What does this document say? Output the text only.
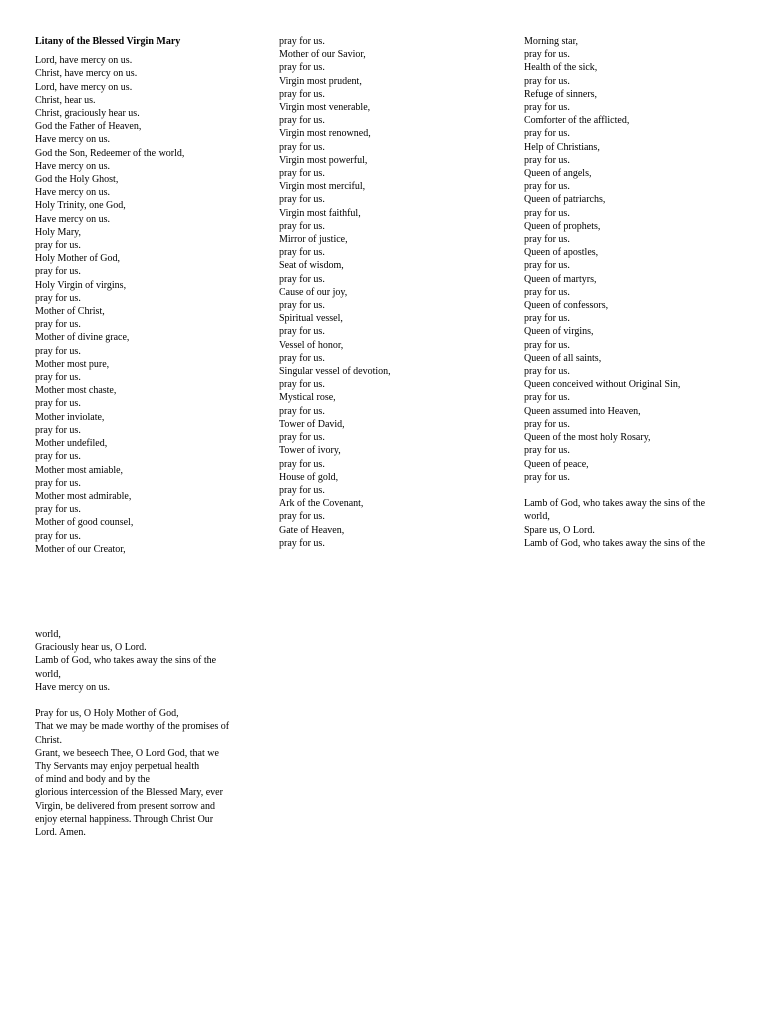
Litany of the Blessed Virgin Mary
Lord, have mercy on us.
Christ, have mercy on us.
Lord, have mercy on us.
Christ, hear us.
Christ, graciously hear us.
God the Father of Heaven,
Have mercy on us.
God the Son, Redeemer of the world,
Have mercy on us.
God the Holy Ghost,
Have mercy on us.
Holy Trinity, one God,
Have mercy on us.
Holy Mary,
pray for us.
Holy Mother of God,
pray for us.
Holy Virgin of virgins,
pray for us.
Mother of Christ,
pray for us.
Mother of divine grace,
pray for us.
Mother most pure,
pray for us.
Mother most chaste,
pray for us.
Mother inviolate,
pray for us.
Mother undefiled,
pray for us.
Mother most amiable,
pray for us.
Mother most admirable,
pray for us.
Mother of good counsel,
pray for us.
Mother of our Creator,
pray for us.
Mother of our Savior,
pray for us.
Virgin most prudent,
pray for us.
Virgin most venerable,
pray for us.
Virgin most renowned,
pray for us.
Virgin most powerful,
pray for us.
Virgin most merciful,
pray for us.
Virgin most faithful,
pray for us.
Mirror of justice,
pray for us.
Seat of wisdom,
pray for us.
Cause of our joy,
pray for us.
Spiritual vessel,
pray for us.
Vessel of honor,
pray for us.
Singular vessel of devotion,
pray for us.
Mystical rose,
pray for us.
Tower of David,
pray for us.
Tower of ivory,
pray for us.
House of gold,
pray for us.
Ark of the Covenant,
pray for us.
Gate of Heaven,
pray for us.
Morning star,
pray for us.
Health of the sick,
pray for us.
Refuge of sinners,
pray for us.
Comforter of the afflicted,
pray for us.
Help of Christians,
pray for us.
Queen of angels,
pray for us.
Queen of patriarchs,
pray for us.
Queen of prophets,
pray for us.
Queen of apostles,
pray for us.
Queen of martyrs,
pray for us.
Queen of confessors,
pray for us.
Queen of virgins,
pray for us.
Queen of all saints,
pray for us.
Queen conceived without Original Sin,
pray for us.
Queen assumed into Heaven,
pray for us.
Queen of the most holy Rosary,
pray for us.
Queen of peace,
pray for us.
Lamb of God, who takes away the sins of the
world,
Spare us, O Lord.
Lamb of God, who takes away the sins of the
world,
Graciously hear us, O Lord.
Lamb of God, who takes away the sins of the
world,
Have mercy on us.
Pray for us, O Holy Mother of God,
That we may be made worthy of the promises of
Christ.
Grant, we beseech Thee, O Lord God, that we
Thy Servants may enjoy perpetual health
of mind and body and by the
glorious intercession of the Blessed Mary, ever
Virgin, be delivered from present sorrow and
enjoy eternal happiness. Through Christ Our
Lord. Amen.
